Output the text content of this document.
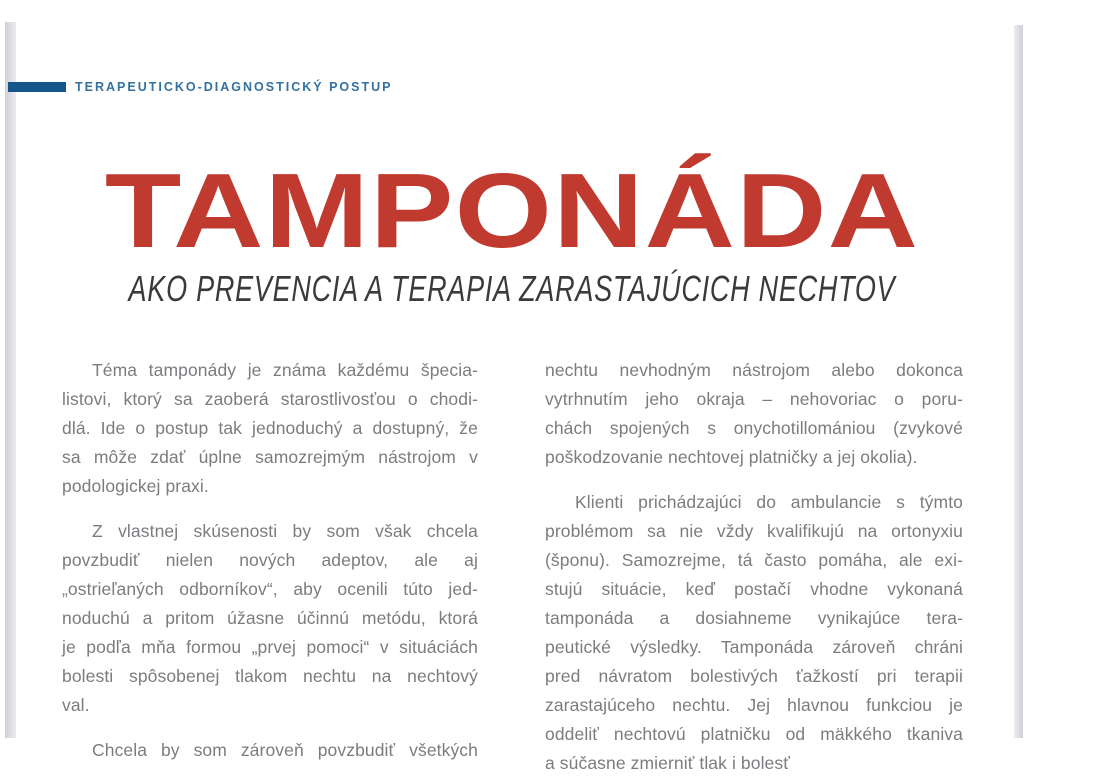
TERAPEUTICKO-DIAGNOSTICKÝ POSTUP
TAMPONÁDA
AKO PREVENCIA A TERAPIA ZARASTAJÚCICH NECHTOV
Téma tamponády je známa každému špecia-
listovi, ktorý sa zaoberá starostlivosťou o chodi-
dlá. Ide o postup tak jednoduchý a dostupný, že
sa môže zdať úplne samozrejmým nástrojom v
podologickej praxi.
Z vlastnej skúsenosti by som však chcela
povzbudiť nielen nových adeptov, ale aj
„ostrieľaných odborníkov“, aby ocenili túto jed-
noduchú a pritom úžasne účinnú metódu, ktorá
je podľa mňa formou „prvej pomoci“ v situáciách
bolesti spôsobenej tlakom nechtu na nechtový
val.
Chcela by som zároveň povzbudiť všetkých
nechtu nevhodným nástrojom alebo dokonca
vytrhnutím jeho okraja – nehovoriac o poru-
chách spojených s onychotillomániou (zvykové
poškodzovanie nechtovej platničky a jej okolia).
Klienti prichádzajúci do ambulancie s týmto
problémom sa nie vždy kvalifikujú na ortonyxiu
(šponu). Samozrejme, tá často pomáha, ale exi-
stujú situácie, keď postačí vhodne vykonaná
tamponáda a dosiahneme vynikajúce tera-
peutické výsledky. Tamponáda zároveň chráni
pred návratom bolestivých ťažkostí pri terapii
zarastajúceho nechtu. Jej hlavnou funkciou je
oddeliť nechtovú platničku od mäkkého tkaniva
a súčasne zmierniť tlak i bolesť
